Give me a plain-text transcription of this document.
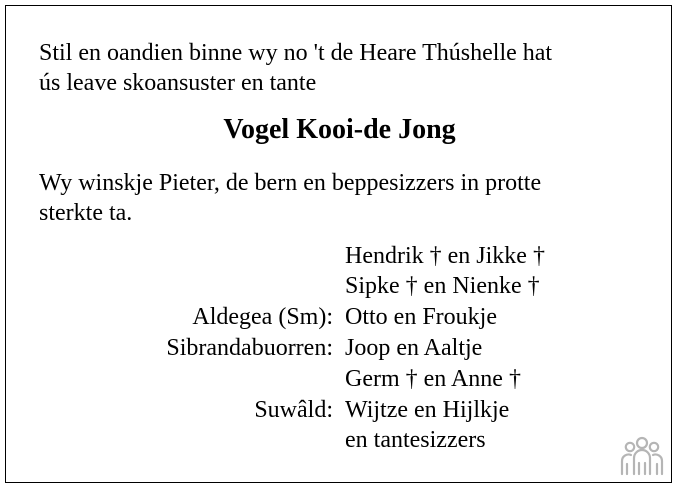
Stil en oandien binne wy no 't de Heare Thúshelle hat
ús leave skoansuster en tante
Vogel Kooi-de Jong
Wy winskje Pieter, de bern en beppesizzers in protte
sterkte ta.
Hendrik † en Jikke †
Sipke † en Nienke †
Aldegea (Sm): Otto en Froukje
Sibrandabuorren: Joop en Aaltje
Germ † en Anne †
Suwâld: Wijtze en Hijlkje
en tantesizzers
